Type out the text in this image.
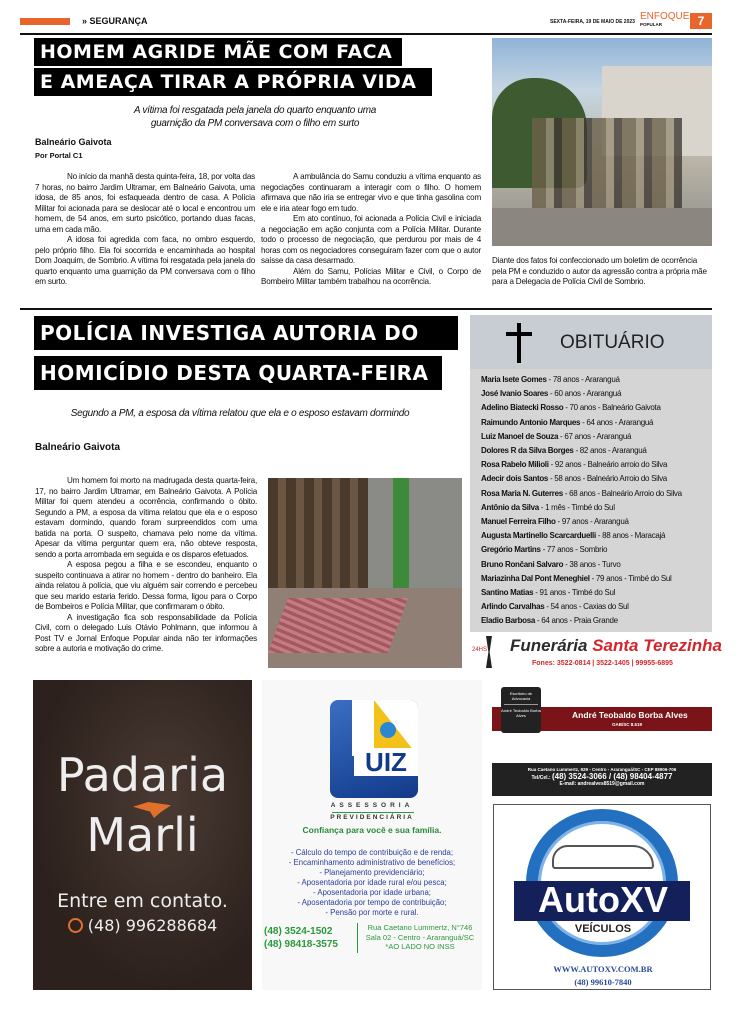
» SEGURANÇA	SEXTA-FEIRA, 19 DE MAIO DE 2023 ENFOQUE
POPULAR	7
HOMEM AGRIDE MÃE COM FACA
E AMEAÇA TIRAR A PRÓPRIA VIDA
A vítima foi resgatada pela janela do quarto enquanto uma
guarnição da PM conversava com o filho em surto
Balneário Gaivota
Por Portal C1

No início da manhã desta quinta-feira, 18, por volta das 7 horas, no bairro Jardim Ultramar, em Balneário Gaivota, uma idosa, de 85 anos, foi esfaqueada dentro de casa. A Polícia Militar foi acionada para se deslocar até o local e encontrou um homem, de 54 anos, em surto psicótico, portando duas facas, uma em cada mão.

A idosa foi agredida com faca, no ombro esquerdo, pelo próprio filho. Ela foi socorrida e encaminhada ao hospital Dom Joaquim, de Sombrio. A vítima foi resgatada pela janela do quarto enquanto uma guarnição da PM conversava com o filho em surto.

A ambulância do Samu conduziu a vítima enquanto as negociações continuaram a interagir com o filho. O homem afirmava que não iria se entregar vivo e que tinha gasolina com ele e iria atear fogo em tudo.

Em ato contínuo, foi acionada a Polícia Civil e iniciada a negociação em ação conjunta com a Polícia Militar. Durante todo o processo de negociação, que perdurou por mais de 4 horas com os negociadores conseguiram fazer com que o autor saísse da casa desarmado.

Além do Samu, Polícias Militar e Civil, o Corpo de Bombeiro Militar também trabalhou na ocorrência.

Diante dos fatos foi confeccionado um boletim de ocorrência pela PM e conduzido o autor da agressão contra a própria mãe para a Delegacia de Polícia Civil de Sombrio.
POLÍCIA INVESTIGA AUTORIA DO
HOMICÍDIO DESTA QUARTA-FEIRA
Segundo a PM, a esposa da vítima relatou que ela e o esposo estavam dormindo
Balneário Gaivota

Um homem foi morto na madrugada desta quarta-feira, 17, no bairro Jardim Ultramar, em Balneário Gaivota. A Polícia Militar foi quem atendeu a ocorrência, confirmando o óbito. Segundo a PM, a esposa da vítima relatou que ela e o esposo estavam dormindo, quando foram surpreendidos com uma batida na porta. O suspeito, chamava pelo nome da vítima. Apesar da vítima perguntar quem era, não obteve resposta, sendo a porta arrombada em seguida e os disparos efetuados.

A esposa pegou a filha e se escondeu, enquanto o suspeito continuava a atirar no homem - dentro do banheiro. Ela ainda relatou à polícia, que viu alguém sair correndo e percebeu que seu marido estaria ferido. Dessa forma, ligou para o Corpo de Bombeiros e Polícia Militar, que confirmaram o óbito.

A investigação fica sob responsabilidade da Polícia Civil, com o delegado Luis Otávio Pohlmann, que informou à Post TV e Jornal Enfoque Popular ainda não ter informações sobre a autoria e motivação do crime.

OBITUÁRIO
Maria Isete Gomes - 78 anos - Araranguá
José Ivanio Soares - 60 anos - Araranguá
Adelino Biatecki Rosso - 70 anos - Balneário Gaivota
Raimundo Antonio Marques - 64 anos - Araranguá
Luiz Manoel de Souza - 67 anos - Araranguá
Dolores R da Silva Borges - 82 anos - Araranguá
Rosa Rabelo Milioli - 92 anos - Balneário arroio do Silva
Adecir dois Santos - 58 anos - Balneário Arroio do Silva
Rosa Maria N. Guterres - 68 anos - Balneário Arroio do Silva
Antônio da Silva - 1 mês - Timbé do Sul
Manuel Ferreira Filho - 97 anos - Araranguá
Augusta Martinello Scarcarduelli - 88 anos - Maracajá
Gregório Martins - 77 anos - Sombrio
Bruno Rončani Salvaro - 38 anos - Turvo
Mariazinha Dal Pont Meneghiel - 79 anos - Timbé do Sul
Santino Matias - 91 anos - Timbé do Sul
Arlindo Carvalhas - 54 anos - Caxias do Sul
Eladio Barbosa - 64 anos - Praia Grande
24HS Funerária Santa Terezinha
Fones: 3522-0814 | 3522-1405 | 99955-6895
Padaria
Marli
Entre em contato.
(48) 996288684
UIZ
ASSESSORIA
PREVIDENCIÁRIA
Confiança para você e sua família.
- Cálculo do tempo de contribuição e de renda;
- Encaminhamento administrativo de benefícios;
- Planejamento previdenciário;
- Aposentadoria por idade rural e/ou pesca;
- Aposentadoria por idade urbana;
- Aposentadoria por tempo de contribuição;
- Pensão por morte e rural.
(48) 3524-1502
(48) 98418-3575
Rua Caetano Lummertz, N°746
Sala 02 - Centro - Araranguá/SC
*AO LADO NO INSS
Escritório de Advocacia
André Teobaldo Borba Alves	André Teobaldo Borba Alves
OAB/SC 8.519
Rua Caetano Lummertz, 929 - Centro - Araranguá/SC - CEP 88906-706
Tel/Cel.: (48) 3524-3066 / (48) 98404-4877
E-mail: andrealves8519@gmail.com
AutoXV
VEÍCULOS
WWW.AUTOXV.COM.BR
(48) 99610-7840
